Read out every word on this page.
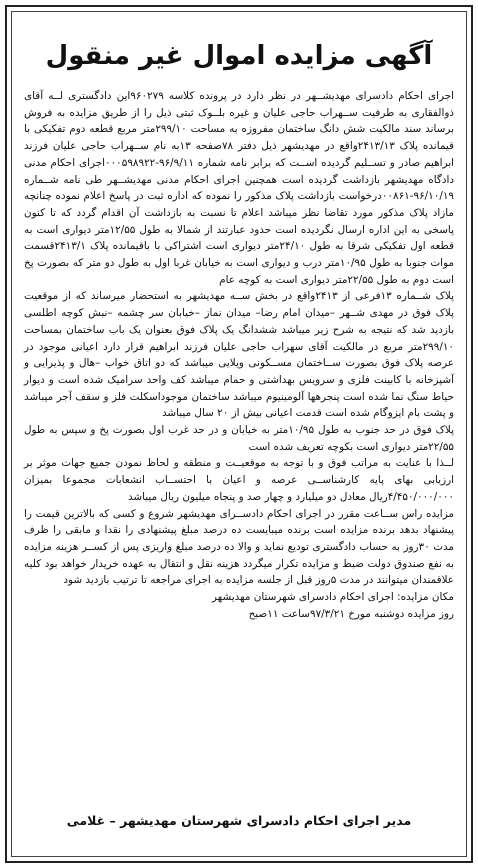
آگهی مزایده اموال غیر منقول

اجرای احکام دادسرای مهدیشــهر در نظر دارد در پرونده کلاسه ۹۶۰۲۷۹این دادگستری لــه آقای ذوالفقاری به طرفیت ســهراب حاجی علیان و غیره بلــوک ثبتی ذیل را از طریق مزایده به فروش برساند سند مالکیت شش دانگ ساختمان مفروزه به مساحت ۲۹۹/۱۰متر مربع قطعه دوم تفکیکی با قیمانده پلاک ۲۴۱۳/۱۳واقع در مهدیشهر ذیل دفتر ۷۸صفحه ۱۳به نام ســهراب حاجی علیان فرزند ابراهیم صادر و تســلیم گردیده اســت که برابر نامه شماره ۹۶/۹/۱۱-۰۰۰۵۹۸۹۲۲اجرای احکام مدنی دادگاه مهدیشهر بازداشت گردیده است همچنین اجرای احکام مدنی مهدیشــهر طی نامه شــماره ۹۶/۱۰/۱۹-۰۰۸۶۱درخواست بازداشت پلاک مذکور را نموده که اداره ثبت در پاسخ اعلام نموده چنانچه مازاد پلاک مذکور مورد تقاضا نظر میباشد اعلام تا نسبت به بازداشت آن اقدام گردد که تا کنون پاسخی به این اداره ارسال نگردیده است حدود عبارتند از شمالا به طول ۱۲/۵۵متر دیواری است به قطعه اول تفکیکی شرقا به طول ۲۴/۱۰متر دیواری است اشتراکی با باقیمانده پلاک ۲۴۱۳/۱قسمت موات جنوبا به طول ۱۰/۹۵متر درب و دیواری است به خیابان غربا اول به طول دو متر که بصورت پخ است دوم به طول ۲۲/۵۵متر دیواری است به کوچه عام

پلاک شــماره ۱۳فرعی از ۲۴۱۳واقع در بخش ســه مهدیشهر به استحضار میرساند که از موقعیت پلاک فوق در مهدی شــهر –میدان امام رضا– میدان نماز –خیابان سر چشمه –نبش کوچه اطلسی بازدید شد که نتیجه به شرح زیر میباشد ششدانگ یک پلاک فوق بعنوان یک باب ساختمان بمساحت ۲۹۹/۱۰متر مربع در مالکیت آقای سهراب حاجی علیان فرزند ابراهیم قرار دارد اعیانی موجود در عرصه پلاک فوق بصورت ســاختمان مســکونی ویلایی میباشد که دو اتاق خواب –هال و پذیرایی و آشپزخانه با کابینت فلزی و سرویس بهداشتی و حمام میباشد کف واحد سرامیک شده است و دیوار حیاط سنگ نما شده است پنجرهها آلومینیوم میباشد ساختمان موجوداسکلت فلز و سقف آجر میباشد و پشت بام ایزوگام شده است قدمت اعیانی بیش از ۲۰ سال میباشد

پلاک فوق در حد جنوب به طول ۱۰/۹۵متر به خیابان و در حد غرب اول بصورت پخ و سپس به طول ۲۲/۵۵متر دیواری است بکوچه تعریف شده است

لــذا با عنایت به مراتب فوق و با توجه به موقعیــت و منطقه و لحاظ نمودن جمیع جهات موثر بر ارزیابی بهای پایه کارشناســی عرصه و اعیان با احتســاب انشعابات مجموعا بمیزان ۴/۴۵۰/۰۰۰/۰۰۰ریال معادل دو میلیارد و چهار صد و پنجاه میلیون ریال میباشد

مزایده راس ســاعت مقرر در اجرای احکام دادســرای مهدیشهر شروع و کسی که بالاترین قیمت را پیشنهاد بدهد برنده مزایده است برنده میبایست ده درصد مبلغ پیشنهادی را نقدا و مابقی را ظرف مدت ۳۰روز به حساب دادگستری تودیع نماید و والا ده درصد مبلغ واریزی پس از کســر هزینه مزایده به نفع صندوق دولت ضبط و مزایده تکرار میگردد هزینه نقل و انتقال به عهده خریدار خواهد بود کلیه علاقمندان میتوانند در مدت ۵روز قبل از جلسه مزایده به اجرای مراجعه تا ترتیب بازدید شود

مکان مزایده: اجرای احکام دادسرای شهرستان مهدیشهر

روز مزایده دوشنبه مورخ ۹۷/۳/۲۱ساعت ۱۱صبح

مدیر اجرای احکام دادسرای شهرستان مهدیشهر – غلامی
